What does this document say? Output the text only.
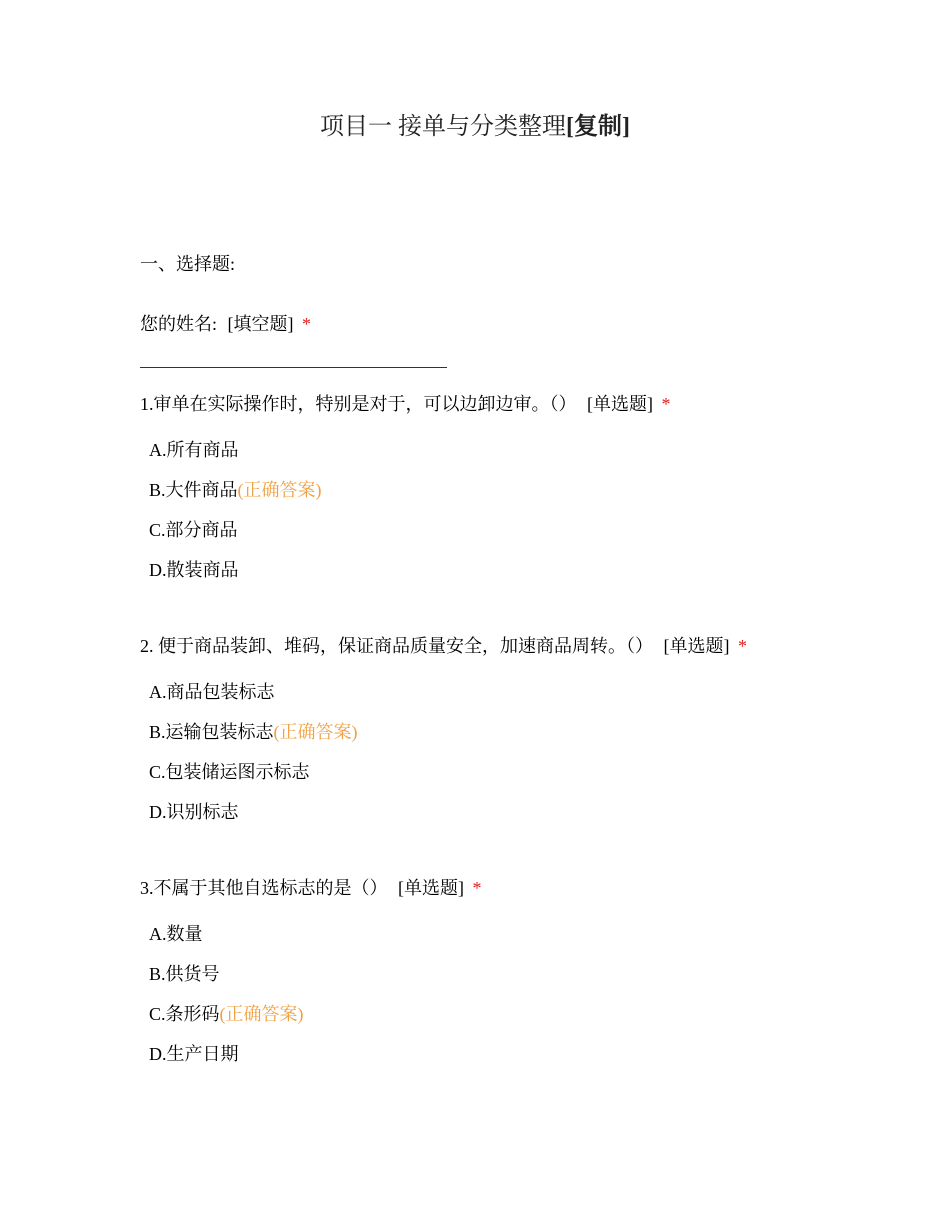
项目一 接单与分类整理[复制]
一、选择题:
您的姓名: [填空题] *
1.审单在实际操作时，特别是对于，可以边卸边审。（） [单选题] *
A.所有商品
B.大件商品(正确答案)
C.部分商品
D.散装商品
2. 便于商品装卸、堆码，保证商品质量安全，加速商品周转。（） [单选题] *
A.商品包装标志
B.运输包装标志(正确答案)
C.包装储运图示标志
D.识别标志
3.不属于其他自选标志的是（） [单选题] *
A.数量
B.供货号
C.条形码(正确答案)
D.生产日期
